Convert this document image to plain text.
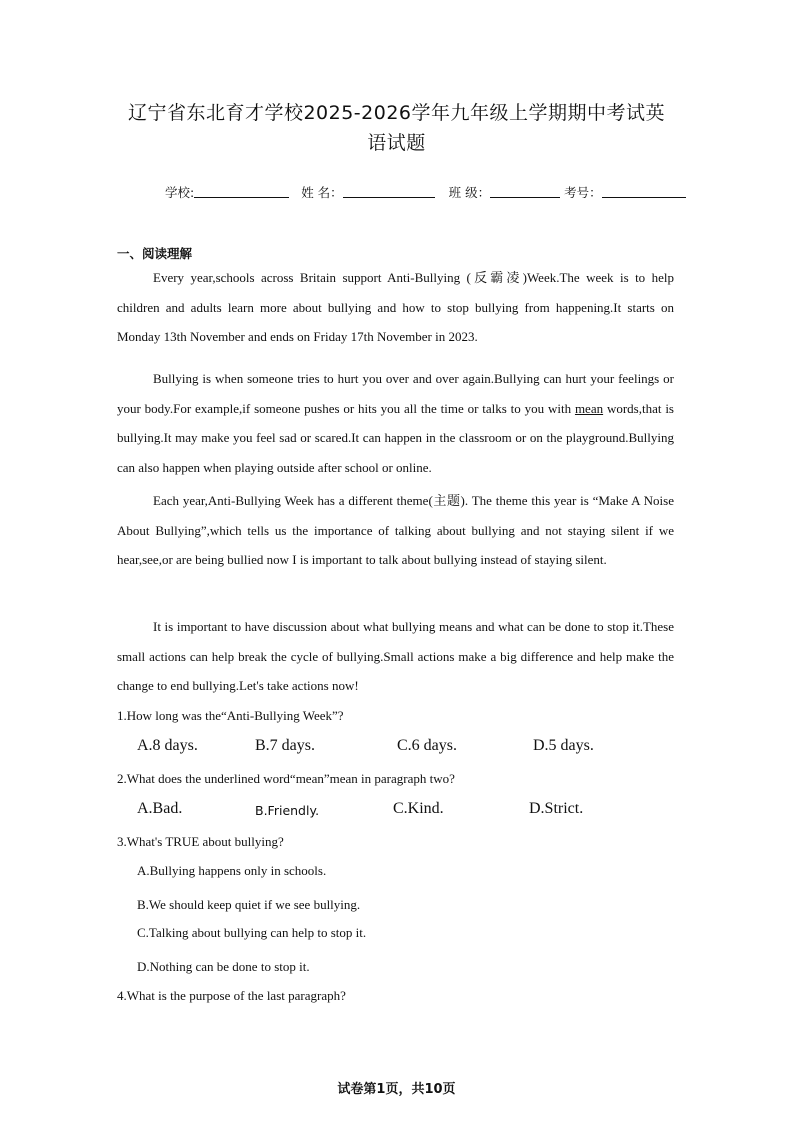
辽宁省东北育才学校2025-2026学年九年级上学期期中考试英
语试题
学校:	姓 名：	班 级：	考号：
一、阅读理解
Every year,schools across Britain support Anti-Bullying (反霸凌)Week.The week is to help children and adults learn more about bullying and how to stop bullying from happening.It starts on Monday 13th November and ends on Friday 17th November in 2023.
Bullying is when someone tries to hurt you over and over again.Bullying can hurt your feelings or your body.For example,if someone pushes or hits you all the time or talks to you with mean words,that is bullying.It may make you feel sad or scared.It can happen in the classroom or on the playground.Bullying can also happen when playing outside after school or online.
Each year,Anti-Bullying Week has a different theme(主题). The theme this year is “Make A Noise About Bullying”,which tells us the importance of talking about bullying and not staying silent if we hear,see,or are being bullied now I is important to talk about bullying instead of staying silent.
It is important to have discussion about what bullying means and what can be done to stop it.These small actions can help break the cycle of bullying.Small actions make a big difference and help make the change to end bullying.Let's take actions now!
1.How long was the“Anti-Bullying Week”?
A.8 days.	B.7 days.	C.6 days.	D.5 days.
2.What does the underlined word“mean”mean in paragraph two?
A.Bad.	B.Friendly.	C.Kind.	D.Strict.
3.What's TRUE about bullying?
A.Bullying happens only in schools.
B.We should keep quiet if we see bullying.
C.Talking about bullying can help to stop it.
D.Nothing can be done to stop it.
4.What is the purpose of the last paragraph?
试卷第1页，共10页
